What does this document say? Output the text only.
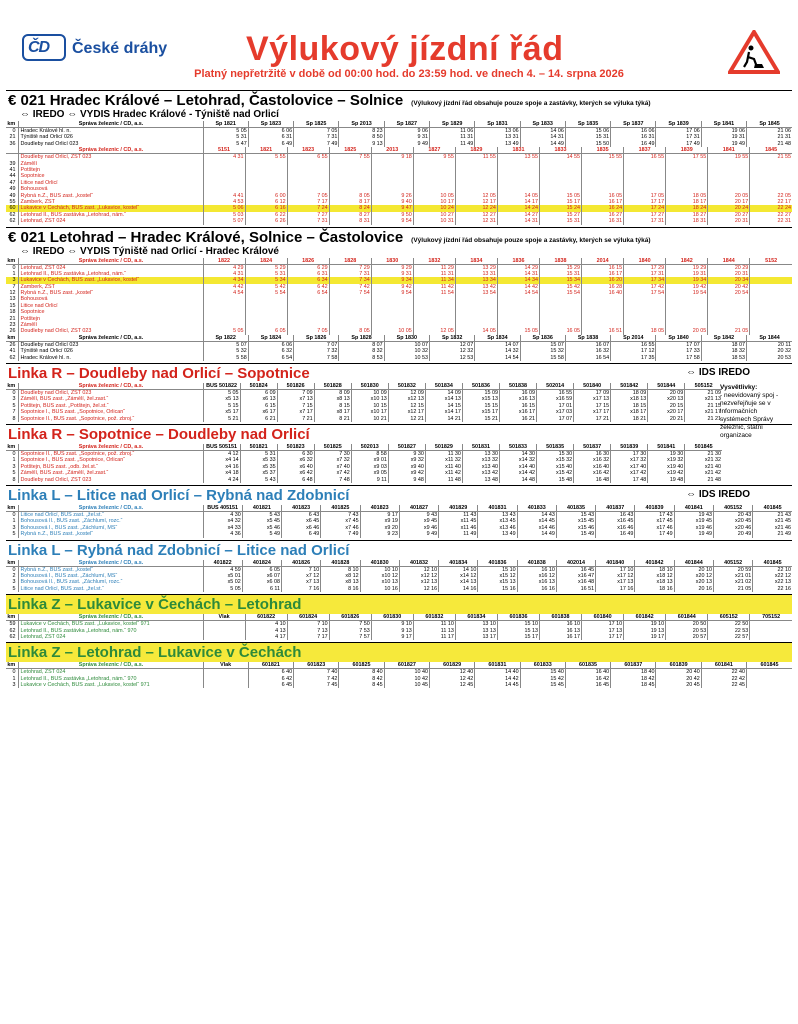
ČD České dráhy Výlukový jízdní řád
Platný nepřetržitě v době od 00:00 hod. do 23:59 hod. ve dnech 4. – 14. srpna 2026
€ 021 Hradec Králové – Letohrad, Častolovice – Solnice (Výlukový jízdní řád obsahuje pouze spoje a zastávky, kterých se výluka týká)
⇔ IREDO ⇔ VYDIS Hradec Králové - Týniště nad Orlicí
km	Správa železnic / ČD, a.s.	Sp 1821	Sp 1823	Sp 1825	Sp 2013	Sp 1827	Sp 1829	Sp 1831	Sp 1833	Sp 1835	Sp 1837	Sp 1839	Sp 1841	Sp 1845
0	Hradec Králové hl. n.	5 05	6 06	7 05	8 23	9 06	11 06	13 06	14 06	15 06	16 06	17 06	19 06	21 06
21	Týniště nad Orlicí 026	5 31	6 31	7 31	8 50	9 31	11 31	13 31	14 31	15 31	16 31	17 31	19 31	21 31
36	Doudleby nad Orlicí 023	5 47	6 49	7 49	9 13	9 49	11 49	13 49	14 49	15 50	16 49	17 49	19 49	21 48
	Správa železnic / ČD, a.s.	5151	1821	1823	1825	2013	1827	1829	1831	1833	1835	1837	1839	1841	1845
	Doudleby nad Orlicí, ŽST 023	4 31	5 55	6 55	7 55	9 18	9 55	11 55	13 55	14 55	15 55	16 55	17 55	19 55	21 55
39	Zámělí														
41	Potštejn														
44	Sopotnice														
47	Litice nad Orlicí														
49	Bohousová														
49	Rybná n.Z., BUS zast. „kostel“	4 41	6 00	7 05	8 05	9 26	10 05	12 05	14 05	15 05	16 05	17 05	18 05	20 05	22 05
55	Žamberk, ŽST	4 53	6 12	7 17	8 17	9 40	10 17	12 17	14 17	15 17	16 17	17 17	18 17	20 17	22 17
60	Lukavice v Čechách, BUS zast. „Lukavice, kostel“	5 06	6 16	7 24	8 24	9 47	10 24	12 24	14 24	15 24	16 24	17 24	18 24	20 24	22 24
62	Letohrad II., BUS zastávka „Letohrad, nám.“	5 03	6 22	7 27	8 27	9 50	10 27	12 27	14 27	15 27	16 27	17 27	18 27	20 27	22 27
62	Letohrad, ŽST 024	5 07	6 26	7 31	8 31	9 54	10 31	12 31	14 31	15 31	16 31	17 31	18 31	20 31	22 31
€ 021 Letohrad – Hradec Králové, Solnice – Častolovice (Výlukový jízdní řád obsahuje pouze spoje a zastávky, kterých se výluka týká)
⇔ IREDO ⇔ VYDIS Týniště nad Orlicí - Hradec Králové
km	Správa železnic / ČD, a.s.	1822	1824	1826	1828	1830	1832	1834	1836	1838	2014	1840	1842	1844	5152
0	Letohrad, ŽST 024	4 29	5 29	6 29	7 29	9 29	11 29	13 29	14 29	15 29	16 15	17 29	19 29	20 29	
1	Letohrad II., BUS zastávka „Letohrad, nám.“	4 31	5 31	6 31	7 31	9 31	11 31	13 31	14 31	15 31	16 17	17 31	19 31	20 31	
3	Lukavice v Čechách, BUS zast. „Lukavice, kostel“	4 34	5 34	6 34	7 34	9 34	11 34	13 34	14 34	15 34	16 20	17 34	19 34	20 34	
7	Žamberk, ŽST	4 42	5 42	6 42	7 42	9 42	11 42	13 42	14 42	15 42	16 28	17 42	19 42	20 42	
12	Rybná n.Z., BUS zast. „kostel“	4 54	5 54	6 54	7 54	9 54	11 54	13 54	14 54	15 54	16 40	17 54	19 54	20 54	
13	Bohousová														
15	Litice nad Orlicí														
18	Sopotnice														
21	Potštejn														
23	Zámělí														
26	Doudleby nad Orlicí, ŽST 023	5 05	6 05	7 05	8 05	10 05	12 05	14 05	15 05	16 05	16 51	18 05	20 05	21 05	
km	Správa železnic / ČD, a.s.	Sp 1822	Sp 1824	Sp 1826	Sp 1828	Sp 1830	Sp 1832	Sp 1834	Sp 1836	Sp 1838	Sp 2014	Sp 1840	Sp 1842	Sp 1844
26	Doudleby nad Orlicí 023	5 07	6 06	7 07	8 07	10 07	12 07	14 07	15 07	16 07	16 55	17 07	18 07	20 11
41	Týniště nad Orlicí 026	5 32	6 32	7 32	8 32	10 32	12 32	14 32	15 32	16 32	17 12	17 33	18 32	20 32
62	Hradec Králové hl. n.	5 58	6 54	7 58	8 53	10 53	12 53	14 54	15 58	16 54	17 35	17 58	18 53	20 53
Linka R – Doudleby nad Orlicí – Sopotnice	⇔ IDS IREDO
Vysvětlivky:
- neevidovaný spoj - nezveřejňuje se v informačních systémech Správy železnic, státní organizace
km	Správa železnic / ČD, a.s.	BUS 501822	501824	501826	501828	501830	501832	501834	501836	501838	502014	501840	501842	501844	505152
0	Doudleby nad Orlicí, ŽST 023	5 05	6 09	7 09	8 09	10 09	12 09	14 09	15 09	16 09	16 55	17 09	18 09	20 09	21 09
3	Zámělí, BUS zast. „Zámělí, žel.zast.“	x5 13	x6 13	x7 13	x8 13	x10 13	x12 13	x14 13	x15 13	x16 13	x16 59	x17 13	x18 13	x20 13	x21 13
5	Potštejn, BUS zast. „Potštejn, žel.st.“	5 15	6 15	7 15	8 15	10 15	12 15	14 15	15 15	16 15	17 01	17 15	18 15	20 15	21 15
7	Sopotnice I., BUS zast. „Sopotnice, Orlican“	x5 17	x6 17	x7 17	x8 17	x10 17	x12 17	x14 17	x15 17	x16 17	x17 03	x17 17	x18 17	x20 17	x21 17
8	Sopotnice II., BUS zast. „Sopotnice, pož. zbroj.“	5 21	6 21	7 21	8 21	10 21	12 21	14 21	15 21	16 21	17 07	17 21	18 21	20 21	21 21
Linka R – Sopotnice – Doudleby nad Orlicí
km	Správa železnic / ČD, a.s.	BUS 505151	501821	501823	501825	502013	501827	501829	501831	501833	501835	501837	501839	501841	501845
0	Sopotnice II., BUS zast. „Sopotnice, pož. zbroj.“	4 12	5 31	6 30	7 30	8 58	9 30	11 30	13 30	14 30	15 30	16 30	17 30	19 30	21 30
1	Sopotnice I., BUS zast. „Sopotnice, Orlican“	x4 14	x5 33	x6 32	x7 32	x9 01	x9 32	x11 32	x13 32	x14 32	x15 32	x16 32	x17 32	x19 32	x21 32
3	Potštejn, BUS zast. „odb. žel.st.“	x4 16	x5 35	x6 40	x7 40	x9 03	x9 40	x11 40	x13 40	x14 40	x15 40	x16 40	x17 40	x19 40	x21 40
5	Zámělí, BUS zast. „Zámělí, žel.zast.“	x4 18	x5 37	x6 42	x7 42	x9 05	x9 42	x11 42	x13 42	x14 42	x15 42	x16 42	x17 42	x19 42	x21 42
8	Doudleby nad Orlicí, ŽST 023	4 24	5 43	6 48	7 48	9 11	9 48	11 48	13 48	14 48	15 48	16 48	17 48	19 48	21 48
Linka L – Litice nad Orlicí – Rybná nad Zdobnicí	⇔ IDS IREDO
km	Správa železnic / ČD, a.s.	BUS 405151	401821	401823	401825	401823	401827	401829	401831	401833	401835	401837	401839	401841	405152	401845
0	Litice nad Orlicí, BUS zast. „žel.st.“	4 30	5 43	6 43	7 43	9 17	9 43	11 43	13 43	14 43	15 43	16 43	17 43	19 43	20 43	21 43
1	Bohousová II., BUS zast. „Záchlumí, rozc.“	x4 32	x5 45	x6 45	x7 45	x9 19	x9 45	x11 45	x13 45	x14 45	x15 45	x16 45	x17 45	x19 45	x20 45	x21 45
3	Bohousová I., BUS zast. „Záchlumí, MŠ“	x4 33	x5 46	x6 46	x7 46	x9 20	x9 46	x11 46	x13 46	x14 46	x15 46	x16 46	x17 46	x19 46	x20 46	x21 46
5	Rybná n.Z., BUS zast. „kostel“	4 36	5 49	6 49	7 49	9 23	9 49	11 49	13 49	14 49	15 49	16 49	17 49	19 49	20 49	21 49
Linka L – Rybná nad Zdobnicí – Litice nad Orlicí
km	Správa železnic / ČD, a.s.	401822	401824	401826	401828	401830	401832	401834	401836	401838	402014	401840	401842	401844	405152	401845
0	Rybná n.Z., BUS zast. „kostel“	4 59	6 05	7 10	8 10	10 10	12 10	14 10	15 10	16 10	16 45	17 10	18 10	20 10	20 59	22 10
2	Bohousová I., BUS zast. „Záchlumí, MŠ“	x5 01	x6 07	x7 12	x8 12	x10 12	x12 12	x14 12	x15 12	x16 12	x16 47	x17 12	x18 12	x20 12	x21 01	x22 12
3	Bohousová II., BUS zast. „Záchlumí, rozc.“	x5 02	x6 08	x7 13	x8 13	x10 13	x12 13	x14 13	x15 13	x16 13	x16 48	x17 13	x18 13	x20 13	x21 02	x22 13
5	Litice nad Orlicí, BUS zast. „žel.st.“	5 05	6 11	7 16	8 16	10 16	12 16	14 16	15 16	16 16	16 51	17 16	18 16	20 16	21 05	22 16
Linka Z – Lukavice v Čechách – Letohrad
km	Správa železnic / ČD, a.s.	Vlak	601822	601824	601826	601830	601832	601834	601836	601838	601840	601842	601844	605152	705152
59	Lukavice v Čechách, BUS zast. „Lukavice, kostel“ 971		4 10	7 10	7 50	9 10	11 10	13 10	15 10	16 10	17 10	19 10	20 50	22 50	
62	Letohrad II., BUS zastávka „Letohrad, nám.“ 970		4 13	7 13	7 53	9 13	11 13	13 13	15 13	16 13	17 13	19 13	20 53	22 53	
62	Letohrad, ŽST 024		4 17	7 17	7 57	9 17	11 17	13 17	15 17	16 17	17 17	19 17	20 57	22 57	
Linka Z – Letohrad – Lukavice v Čechách
km	Správa železnic / ČD, a.s.	Vlak	601821	601823	601825	601827	601829	601831	601833	601835	601837	601839	601841	601845
0	Letohrad, ŽST 024		6 40	7 40	8 40	10 40	12 40	14 40	15 40	16 40	18 40	20 40	22 40	
1	Letohrad II., BUS zastávka „Letohrad, nám.“ 970		6 42	7 42	8 42	10 42	12 42	14 42	15 42	16 42	18 42	20 42	22 42	
3	Lukavice v Čechách, BUS zast. „Lukavice, kostel“ 971		6 45	7 45	8 45	10 45	12 45	14 45	15 45	16 45	18 45	20 45	22 45	
